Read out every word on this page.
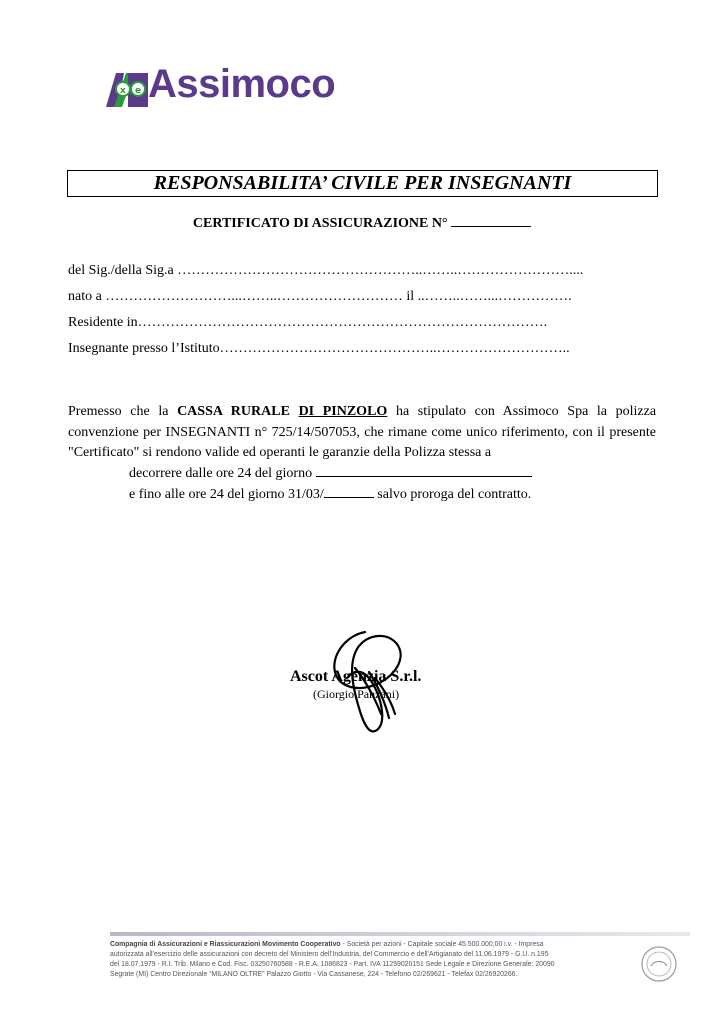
x e Assimoco
RESPONSABILITA’ CIVILE PER INSEGNANTI
CERTIFICATO DI ASSICURAZIONE N°
del Sig./della Sig.a ……………………………………………..……..……………………....
nato a ………………………...……..……………………… il ..……..……...…………….
Residente in…………………………………………………………………………….
Insegnante presso l’Istituto………………………………………..………………………..
Premesso che la CASSA RURALE DI PINZOLO ha stipulato con Assimoco Spa la polizza convenzione per INSEGNANTI n° 725/14/507053, che rimane come unico riferimento, con il presente "Certificato" si rendono valide ed operanti le garanzie della Polizza stessa a
decorrere dalle ore 24 del giorno
e fino alle ore 24 del giorno 31/03/	salvo proroga del contratto.
Ascot Agenzia S.r.l.
(Giorgio Panzani)
Compagnia di Assicurazioni e Riassicurazioni Movimento Cooperativo - Società per azioni - Capitale sociale 45.500.000,00 i.v. - Impresa
autorizzata all’esercizio delle assicurazioni con decreto del Ministero dell’Industria, del Commercio e dell’Artigianato del 11.06.1979 - G.U. n.195
del 18.07.1979 - R.I. Trib. Milano e Cod. Fisc. 03250760588 - R.E.A. 1086823 - Part. IVA 11259020151 Sede Legale e Direzione Generale: 20090
Segrate (MI) Centro Direzionale “MILANO OLTRE” Palazzo Giotto - Via Cassanese, 224 - Telefono 02/269621 - Telefax 02/26920266.
